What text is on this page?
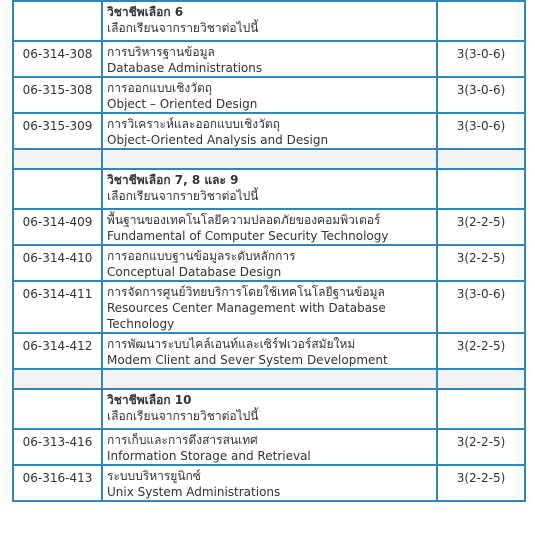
	วิชาชีพเลือก 6
เลือกเรียนจากรายวิชาต่อไปนี้	

06-314-308	การบริหารฐานข้อมูล
Database Administrations	3(3-0-6)
06-315-308	การออกแบบเชิงวัตถุ
Object – Oriented Design	3(3-0-6)
06-315-309	การวิเคราะห์และออกแบบเชิงวัตถุ
Object-Oriented Analysis and Design	3(3-0-6)

	วิชาชีพเลือก 7, 8 และ 9
เลือกเรียนจากรายวิชาต่อไปนี้	

06-314-409	พื้นฐานของเทคโนโลยีความปลอดภัยของคอมพิวเตอร์
Fundamental of Computer Security Technology	3(2-2-5)
06-314-410	การออกแบบฐานข้อมูลระดับหลักการ
Conceptual Database Design	3(2-2-5)
06-314-411	การจัดการศูนย์วิทยบริการโดยใช้เทคโนโลยีฐานข้อมูล
Resources Center Management with Database
Technology	3(3-0-6)
06-314-412	การพัฒนาระบบไคล์เอนท์และเซิร์ฟเวอร์สมัยใหม่
Modem Client and Sever System Development	3(2-2-5)

	วิชาชีพเลือก 10
เลือกเรียนจากรายวิชาต่อไปนี้	

06-313-416	การเก็บและการดึงสารสนเทศ
Information Storage and Retrieval	3(2-2-5)
06-316-413	ระบบบริหารยูนิกซ์
Unix System Administrations	3(2-2-5)
